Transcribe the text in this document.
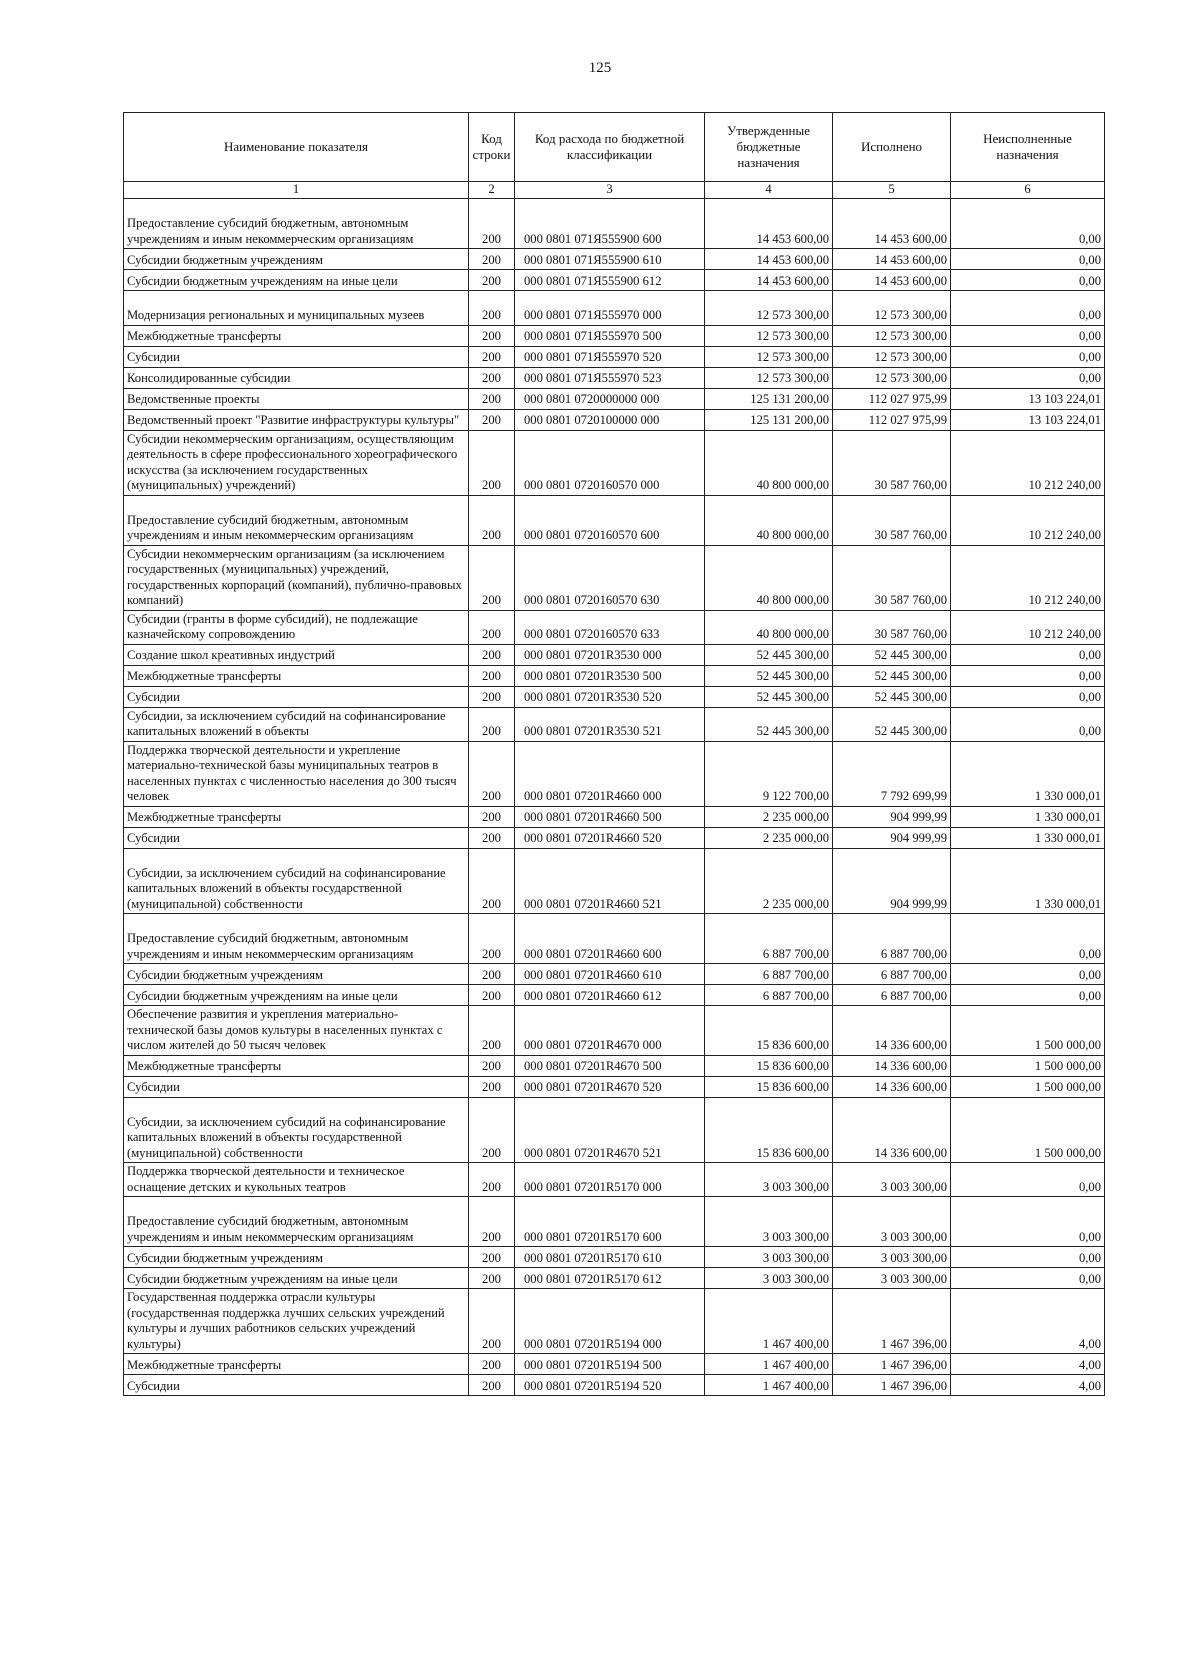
125
Наименование показателя	Код строки	Код расхода по бюджетной классификации	Утвержденные бюджетные назначения	Исполнено	Неисполненные назначения
1	2	3	4	5	6
Предоставление субсидий бюджетным, автономным учреждениям и иным некоммерческим организациям	200	000 0801 071Я555900 600	14 453 600,00	14 453 600,00	0,00
Субсидии бюджетным учреждениям	200	000 0801 071Я555900 610	14 453 600,00	14 453 600,00	0,00
Субсидии бюджетным учреждениям на иные цели	200	000 0801 071Я555900 612	14 453 600,00	14 453 600,00	0,00
Модернизация региональных и муниципальных музеев	200	000 0801 071Я555970 000	12 573 300,00	12 573 300,00	0,00
Межбюджетные трансферты	200	000 0801 071Я555970 500	12 573 300,00	12 573 300,00	0,00
Субсидии	200	000 0801 071Я555970 520	12 573 300,00	12 573 300,00	0,00
Консолидированные субсидии	200	000 0801 071Я555970 523	12 573 300,00	12 573 300,00	0,00
Ведомственные проекты	200	000 0801 0720000000 000	125 131 200,00	112 027 975,99	13 103 224,01
Ведомственный проект "Развитие инфраструктуры культуры"	200	000 0801 0720100000 000	125 131 200,00	112 027 975,99	13 103 224,01
Субсидии некоммерческим организациям, осуществляющим деятельность в сфере профессионального хореографического искусства (за исключением государственных (муниципальных) учреждений)	200	000 0801 0720160570 000	40 800 000,00	30 587 760,00	10 212 240,00
Предоставление субсидий бюджетным, автономным учреждениям и иным некоммерческим организациям	200	000 0801 0720160570 600	40 800 000,00	30 587 760,00	10 212 240,00
Субсидии некоммерческим организациям (за исключением государственных (муниципальных) учреждений, государственных корпораций (компаний), публично-правовых компаний)	200	000 0801 0720160570 630	40 800 000,00	30 587 760,00	10 212 240,00
Субсидии (гранты в форме субсидий), не подлежащие казначейскому сопровождению	200	000 0801 0720160570 633	40 800 000,00	30 587 760,00	10 212 240,00
Создание школ креативных индустрий	200	000 0801 07201R3530 000	52 445 300,00	52 445 300,00	0,00
Межбюджетные трансферты	200	000 0801 07201R3530 500	52 445 300,00	52 445 300,00	0,00
Субсидии	200	000 0801 07201R3530 520	52 445 300,00	52 445 300,00	0,00
Субсидии, за исключением субсидий на софинансирование капитальных вложений в объекты	200	000 0801 07201R3530 521	52 445 300,00	52 445 300,00	0,00
Поддержка творческой деятельности и укрепление материально-технической базы муниципальных театров в населенных пунктах с численностью населения до 300 тысяч человек	200	000 0801 07201R4660 000	9 122 700,00	7 792 699,99	1 330 000,01
Межбюджетные трансферты	200	000 0801 07201R4660 500	2 235 000,00	904 999,99	1 330 000,01
Субсидии	200	000 0801 07201R4660 520	2 235 000,00	904 999,99	1 330 000,01
Субсидии, за исключением субсидий на софинансирование капитальных вложений в объекты государственной (муниципальной) собственности	200	000 0801 07201R4660 521	2 235 000,00	904 999,99	1 330 000,01
Предоставление субсидий бюджетным, автономным учреждениям и иным некоммерческим организациям	200	000 0801 07201R4660 600	6 887 700,00	6 887 700,00	0,00
Субсидии бюджетным учреждениям	200	000 0801 07201R4660 610	6 887 700,00	6 887 700,00	0,00
Субсидии бюджетным учреждениям на иные цели	200	000 0801 07201R4660 612	6 887 700,00	6 887 700,00	0,00
Обеспечение развития и укрепления материально-технической базы домов культуры в населенных пунктах с числом жителей до 50 тысяч человек	200	000 0801 07201R4670 000	15 836 600,00	14 336 600,00	1 500 000,00
Межбюджетные трансферты	200	000 0801 07201R4670 500	15 836 600,00	14 336 600,00	1 500 000,00
Субсидии	200	000 0801 07201R4670 520	15 836 600,00	14 336 600,00	1 500 000,00
Субсидии, за исключением субсидий на софинансирование капитальных вложений в объекты государственной (муниципальной) собственности	200	000 0801 07201R4670 521	15 836 600,00	14 336 600,00	1 500 000,00
Поддержка творческой деятельности и техническое оснащение детских и кукольных театров	200	000 0801 07201R5170 000	3 003 300,00	3 003 300,00	0,00
Предоставление субсидий бюджетным, автономным учреждениям и иным некоммерческим организациям	200	000 0801 07201R5170 600	3 003 300,00	3 003 300,00	0,00
Субсидии бюджетным учреждениям	200	000 0801 07201R5170 610	3 003 300,00	3 003 300,00	0,00
Субсидии бюджетным учреждениям на иные цели	200	000 0801 07201R5170 612	3 003 300,00	3 003 300,00	0,00
Государственная поддержка отрасли культуры (государственная поддержка лучших сельских учреждений культуры и лучших работников сельских учреждений культуры)	200	000 0801 07201R5194 000	1 467 400,00	1 467 396,00	4,00
Межбюджетные трансферты	200	000 0801 07201R5194 500	1 467 400,00	1 467 396,00	4,00
Субсидии	200	000 0801 07201R5194 520	1 467 400,00	1 467 396,00	4,00
